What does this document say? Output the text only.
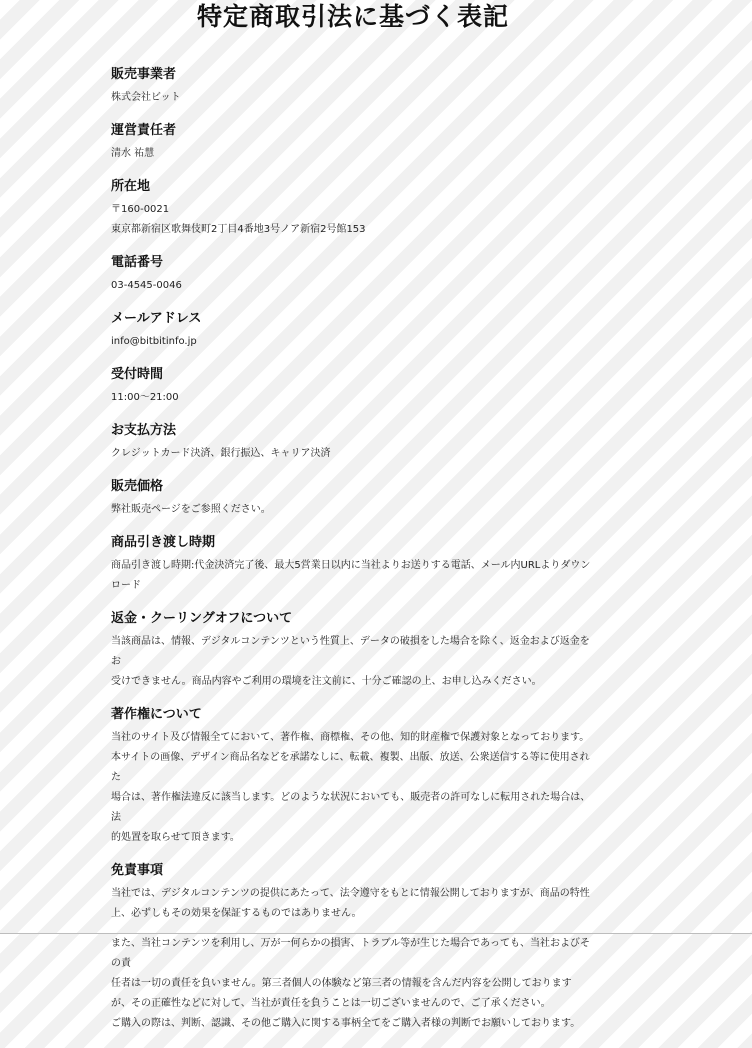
特定商取引法に基づく表記
販売事業者

株式会社ビット

運営責任者

清水 祐慧

所在地

〒160-0021
東京都新宿区歌舞伎町2丁目4番地3号ノア新宿2号館153

電話番号

03-4545-0046

メールアドレス

info@bitbitinfo.jp

受付時間

11:00〜21:00

お支払方法

クレジットカード決済、銀行振込、キャリア決済

販売価格

弊社販売ページをご参照ください。

商品引き渡し時期

商品引き渡し時期:代金決済完了後、最大5営業日以内に当社よりお送りする電話、メール内URLよりダウン
ロード

返金・クーリングオフについて

当該商品は、情報、デジタルコンテンツという性質上、データの破損をした場合を除く、返金および返金をお
受けできません。商品内容やご利用の環境を注文前に、十分ご確認の上、お申し込みください。

著作権について

当社のサイト及び情報全てにおいて、著作権、商標権、その他、知的財産権で保護対象となっております。
本サイトの画像、デザイン商品名などを承諾なしに、転載、複製、出版、放送、公衆送信する等に使用された
場合は、著作権法違反に該当します。どのような状況においても、販売者の許可なしに転用された場合は、法
的処置を取らせて頂きます。

免責事項

当社では、デジタルコンテンツの提供にあたって、法令遵守をもとに情報公開しておりますが、商品の特性
上、必ずしもその効果を保証するものではありません。

また、当社コンテンツを利用し、万が一何らかの損害、トラブル等が生じた場合であっても、当社およびその責
任者は一切の責任を負いません。第三者個人の体験など第三者の情報を含んだ内容を公開しております
が、その正確性などに対して、当社が責任を負うことは一切ございませんので、ご了承ください。
ご購入の際は、判断、認識、その他ご購入に関する事柄全てをご購入者様の判断でお願いしております。
